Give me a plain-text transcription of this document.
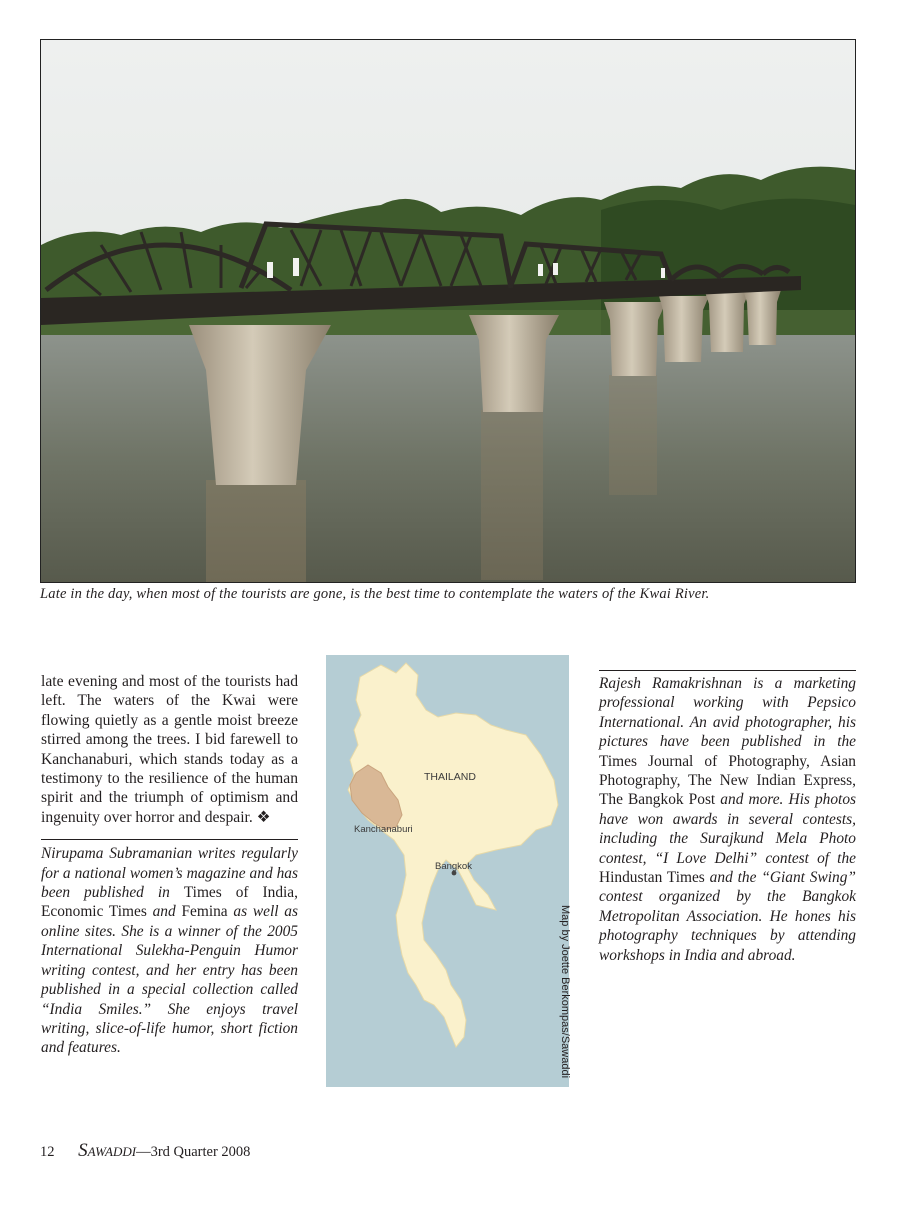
Late in the day, when most of the tourists are gone, is the best time to contemplate the waters of the Kwai River.

late evening and most of the tourists had left. The waters of the Kwai were flowing quietly as a gentle moist breeze stirred among the trees. I bid farewell to Kanchanaburi, which stands today as a testimony to the resilience of the human spirit and the triumph of optimism and ingenuity over horror and despair. ❖

Nirupama Subramanian writes regularly for a national women’s magazine and has been published in Times of India, Economic Times and Femina as well as online sites. She is a winner of the 2005 International Sulekha-Penguin Humor writing contest, and her entry has been published in a special collection called “India Smiles.” She enjoys travel writing, slice-of-life humor, short fiction and features.

THAILAND
Kanchanaburi
Bangkok
Map by Joette Berkompas/Sawaddi

Rajesh Ramakrishnan is a marketing professional working with Pepsico International. An avid photographer, his pictures have been published in the Times Journal of Photography, Asian Photography, The New Indian Express, The Bangkok Post and more. His photos have won awards in several contests, including the Surajkund Mela Photo contest, “I Love Delhi” contest of the Hindustan Times and the “Giant Swing” contest organized by the Bangkok Metropolitan Association. He hones his photography techniques by attending workshops in India and abroad.

12 SAWADDI—3rd Quarter 2008
